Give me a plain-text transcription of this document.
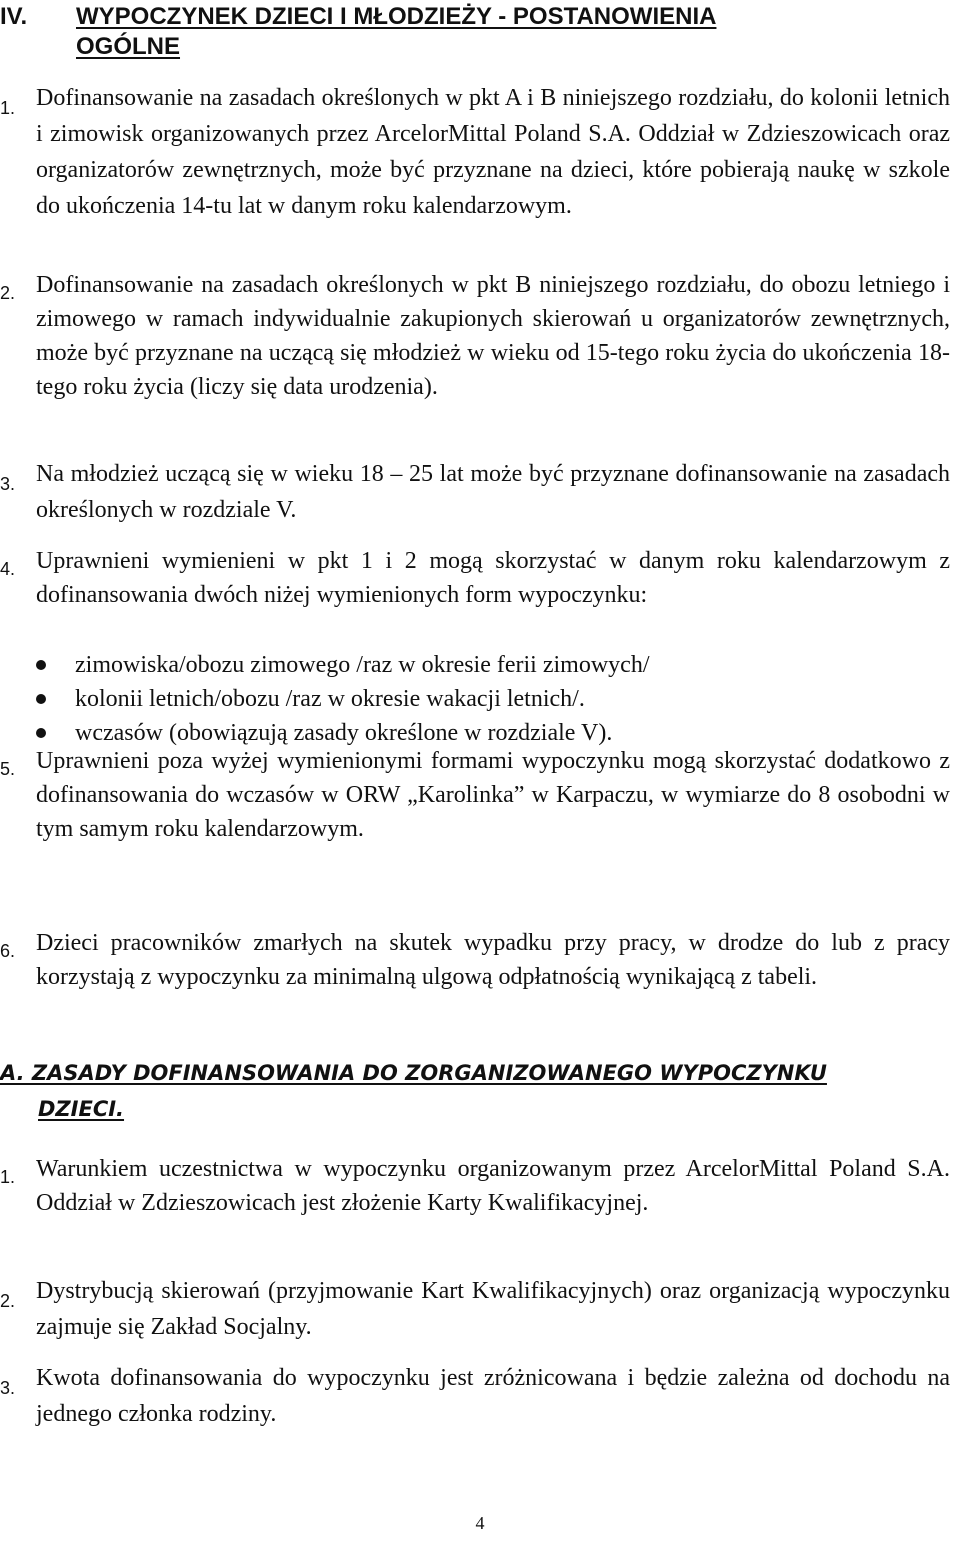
IV. WYPOCZYNEK DZIECI I MŁODZIEŻY - POSTANOWIENIA
OGÓLNE
1. Dofinansowanie na zasadach określonych w pkt A i B niniejszego rozdziału, do kolonii letnich i zimowisk organizowanych przez ArcelorMittal Poland S.A. Oddział w Zdzieszowicach oraz organizatorów zewnętrznych, może być przyznane na dzieci, które pobierają naukę w szkole do ukończenia 14-tu lat w danym roku kalendarzowym.
2. Dofinansowanie na zasadach określonych w pkt B niniejszego rozdziału, do obozu letniego i zimowego w ramach indywidualnie zakupionych skierowań u organizatorów zewnętrznych, może być przyznane na uczącą się młodzież w wieku od 15-tego roku życia do ukończenia 18-tego roku życia (liczy się data urodzenia).
3. Na młodzież uczącą się w wieku 18 – 25 lat może być przyznane dofinansowanie na zasadach określonych w rozdziale V.
4. Uprawnieni wymienieni w pkt 1 i 2 mogą skorzystać w danym roku kalendarzowym z dofinansowania dwóch niżej wymienionych form wypoczynku:
zimowiska/obozu zimowego /raz w okresie ferii zimowych/
kolonii letnich/obozu /raz w okresie wakacji letnich/.
wczasów (obowiązują zasady określone w rozdziale V).
5. Uprawnieni poza wyżej wymienionymi formami wypoczynku mogą skorzystać dodatkowo z dofinansowania do wczasów w ORW „Karolinka” w Karpaczu, w wymiarze do 8 osobodni w tym samym roku kalendarzowym.
6. Dzieci pracowników zmarłych na skutek wypadku przy pracy, w drodze do lub z pracy korzystają z wypoczynku za minimalną ulgową odpłatnością wynikającą z tabeli.
A. ZASADY DOFINANSOWANIA DO ZORGANIZOWANEGO WYPOCZYNKU
DZIECI.
1. Warunkiem uczestnictwa w wypoczynku organizowanym przez ArcelorMittal Poland S.A. Oddział w Zdzieszowicach jest złożenie Karty Kwalifikacyjnej.
2. Dystrybucją skierowań (przyjmowanie Kart Kwalifikacyjnych) oraz organizacją wypoczynku zajmuje się Zakład Socjalny.
3. Kwota dofinansowania do wypoczynku jest zróżnicowana i będzie zależna od dochodu na jednego członka rodziny.
4
